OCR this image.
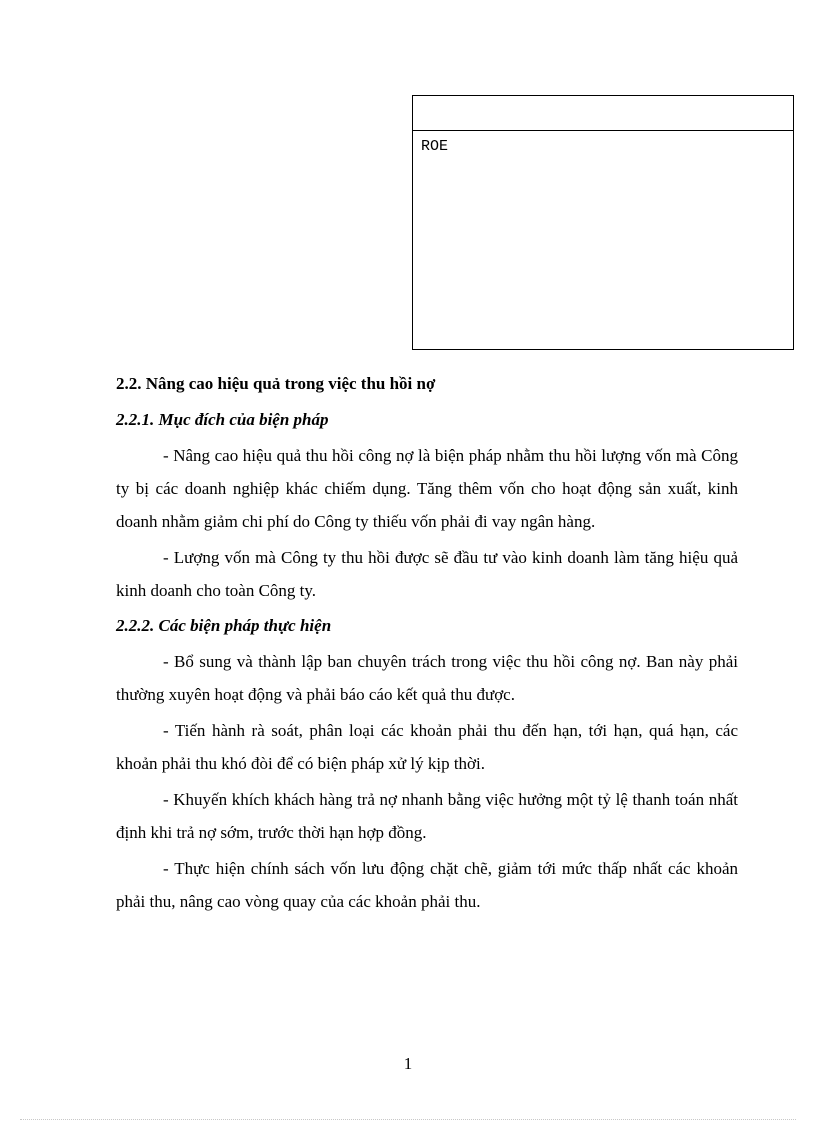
ROE
2.2. Nâng cao hiệu quả trong việc thu hồi nợ
2.2.1. Mục đích của biện pháp

- Nâng cao hiệu quả thu hồi công nợ là biện pháp nhằm thu hồi lượng vốn mà Công ty bị các doanh nghiệp khác chiếm dụng. Tăng thêm vốn cho hoạt động sản xuất, kinh doanh nhằm giảm chi phí do Công ty thiếu vốn phải đi vay ngân hàng.

- Lượng vốn mà Công ty thu hồi được sẽ đầu tư vào kinh doanh làm tăng hiệu quả kinh doanh cho toàn Công ty.

2.2.2. Các biện pháp thực hiện

- Bổ sung và thành lập ban chuyên trách trong việc thu hồi công nợ. Ban này phải thường xuyên hoạt động và phải báo cáo kết quả thu được.

- Tiến hành rà soát, phân loại các khoản phải thu đến hạn, tới hạn, quá hạn, các khoản phải thu khó đòi để có biện pháp xử lý kịp thời.

- Khuyến khích khách hàng trả nợ nhanh bằng việc hưởng một tỷ lệ thanh toán nhất định khi trả nợ sớm, trước thời hạn hợp đồng.

- Thực hiện chính sách vốn lưu động chặt chẽ, giảm tới mức thấp nhất các khoản phải thu, nâng cao vòng quay của các khoản phải thu.

1
